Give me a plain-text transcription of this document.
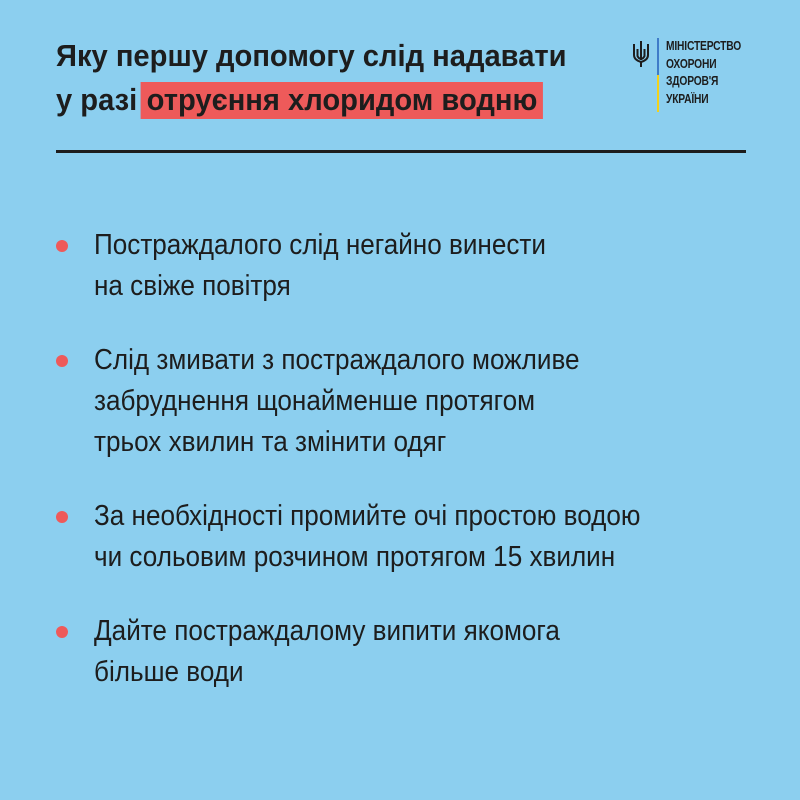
Яку першу допомогу слід надавати
у разі отруєння хлоридом водню
МІНІСТЕРСТВО
ОХОРОНИ
ЗДОРОВ'Я
УКРАЇНИ
Постраждалого слід негайно винести
на свіже повітря
Слід змивати з постраждалого можливе
забруднення щонайменше протягом
трьох хвилин та змінити одяг
За необхідності промийте очі простою водою
чи сольовим розчином протягом 15 хвилин
Дайте постраждалому випити якомога
більше води
